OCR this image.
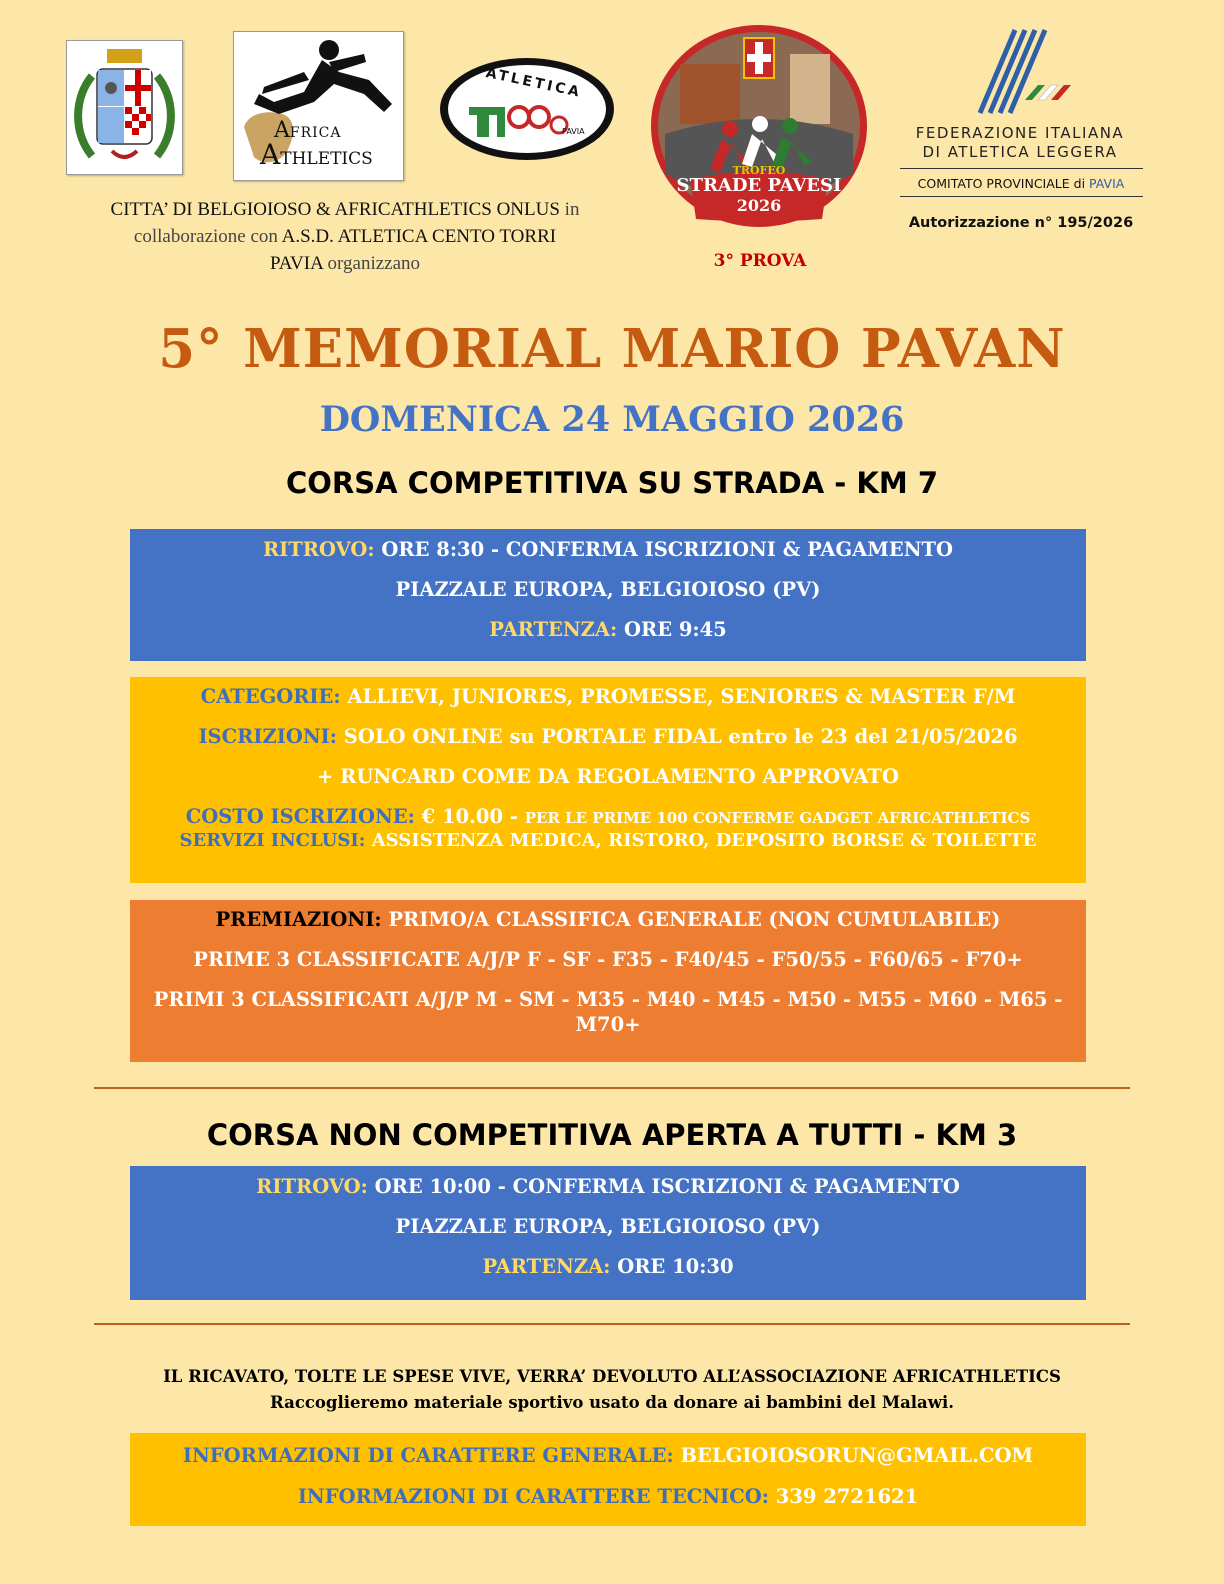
AFRICA
ATHLETICS
ATLETICA
PAVIA
TROFEO
STRADE PAVESI
2026
FEDERAZIONE ITALIANA
DI ATLETICA LEGGERA
COMITATO PROVINCIALE di PAVIA
Autorizzazione n° 195/2026
CITTA’ DI BELGIOIOSO & AFRICATHLETICS ONLUS in
collaborazione con A.S.D. ATLETICA CENTO TORRI
PAVIA organizzano	3° PROVA
5° MEMORIAL MARIO PAVAN
DOMENICA 24 MAGGIO 2026
CORSA COMPETITIVA SU STRADA - KM 7
RITROVO: ORE 8:30 - CONFERMA ISCRIZIONI & PAGAMENTO
PIAZZALE EUROPA, BELGIOIOSO (PV)
PARTENZA: ORE 9:45
CATEGORIE: ALLIEVI, JUNIORES, PROMESSE, SENIORES & MASTER F/M
ISCRIZIONI: SOLO ONLINE su PORTALE FIDAL entro le 23 del 21/05/2026
+ RUNCARD COME DA REGOLAMENTO APPROVATO
COSTO ISCRIZIONE: € 10.00 - PER LE PRIME 100 CONFERME GADGET AFRICATHLETICS
SERVIZI INCLUSI: ASSISTENZA MEDICA, RISTORO, DEPOSITO BORSE & TOILETTE
PREMIAZIONI: PRIMO/A CLASSIFICA GENERALE (NON CUMULABILE)
PRIME 3 CLASSIFICATE A/J/P F - SF - F35 - F40/45 - F50/55 - F60/65 - F70+
PRIMI 3 CLASSIFICATI A/J/P M - SM - M35 - M40 - M45 - M50 - M55 - M60 - M65 -
M70+
CORSA NON COMPETITIVA APERTA A TUTTI - KM 3
RITROVO: ORE 10:00 - CONFERMA ISCRIZIONI & PAGAMENTO
PIAZZALE EUROPA, BELGIOIOSO (PV)
PARTENZA: ORE 10:30
IL RICAVATO, TOLTE LE SPESE VIVE, VERRA’ DEVOLUTO ALL’ASSOCIAZIONE AFRICATHLETICS
Raccoglieremo materiale sportivo usato da donare ai bambini del Malawi.
INFORMAZIONI DI CARATTERE GENERALE: BELGIOIOSORUN@GMAIL.COM
INFORMAZIONI DI CARATTERE TECNICO: 339 2721621
